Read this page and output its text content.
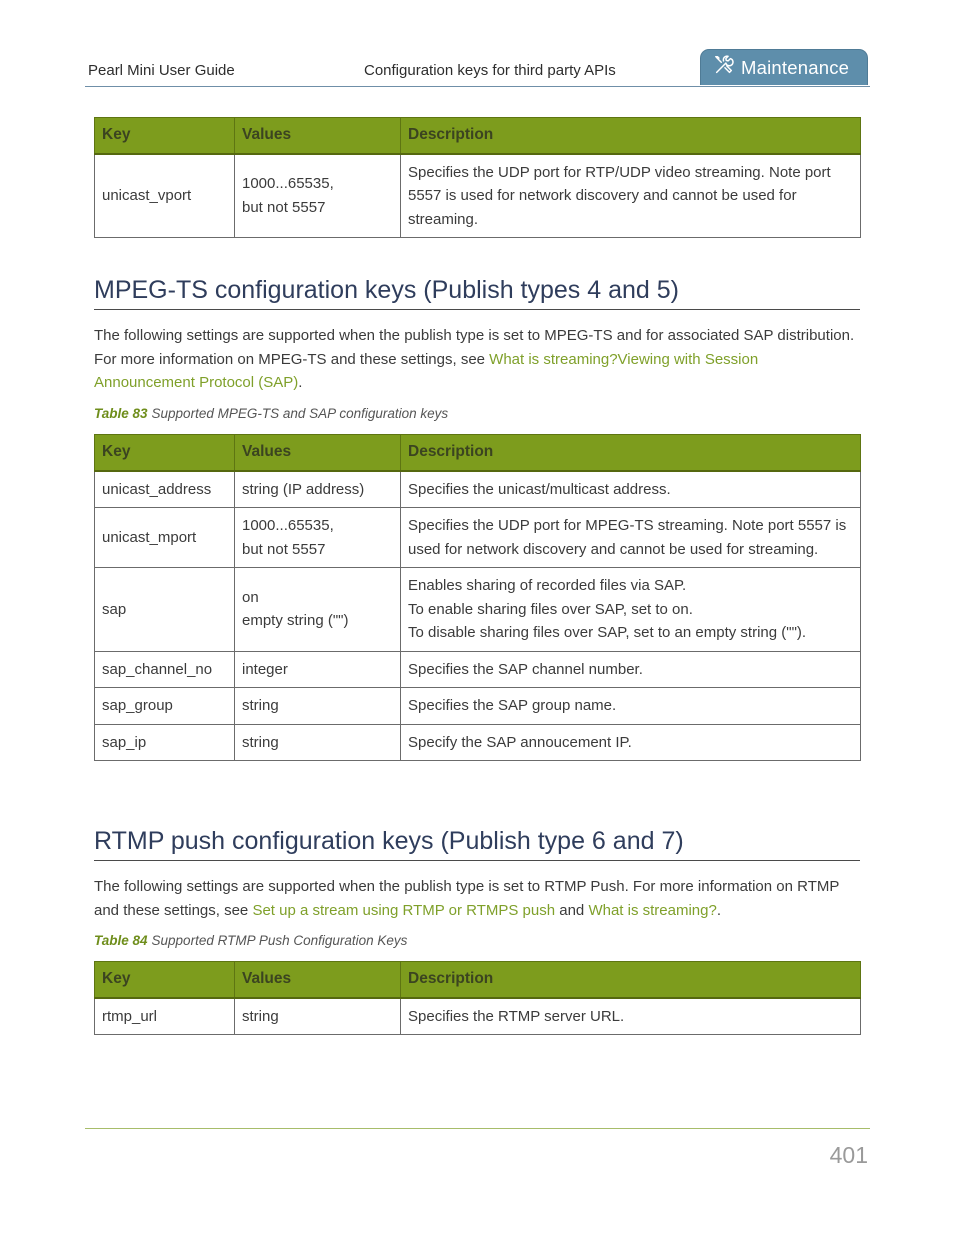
Pearl Mini User Guide	Configuration keys for third party APIs	Maintenance
Key	Values	Description
unicast_vport	1000...65535,
but not 5557	Specifies the UDP port for RTP/UDP video streaming. Note port 5557 is used for network discovery and cannot be used for streaming.
MPEG-TS configuration keys (Publish types 4 and 5)

The following settings are supported when the publish type is set to MPEG-TS and for associated SAP distribution. For more information on MPEG-TS and these settings, see What is streaming?Viewing with Session Announcement Protocol (SAP).

Table 83 Supported MPEG-TS and SAP configuration keys
Key	Values	Description
unicast_address	string (IP address)	Specifies the unicast/multicast address.

unicast_mport	1000...65535,
but not 5557	Specifies the UDP port for MPEG-TS streaming. Note port 5557 is used for network discovery and cannot be used for streaming.

sap	on
empty string ("")	Enables sharing of recorded files via SAP.
To enable sharing files over SAP, set to on.
To disable sharing files over SAP, set to an empty string ("").

sap_channel_no	integer	Specifies the SAP channel number.

sap_group	string	Specifies the SAP group name.

sap_ip	string	Specify the SAP annoucement IP.
RTMP push configuration keys (Publish type 6 and 7)

The following settings are supported when the publish type is set to RTMP Push. For more information on RTMP and these settings, see Set up a stream using RTMP or RTMPS push and What is streaming?.

Table 84 Supported RTMP Push Configuration Keys
Key	Values	Description
rtmp_url	string	Specifies the RTMP server URL.
401
